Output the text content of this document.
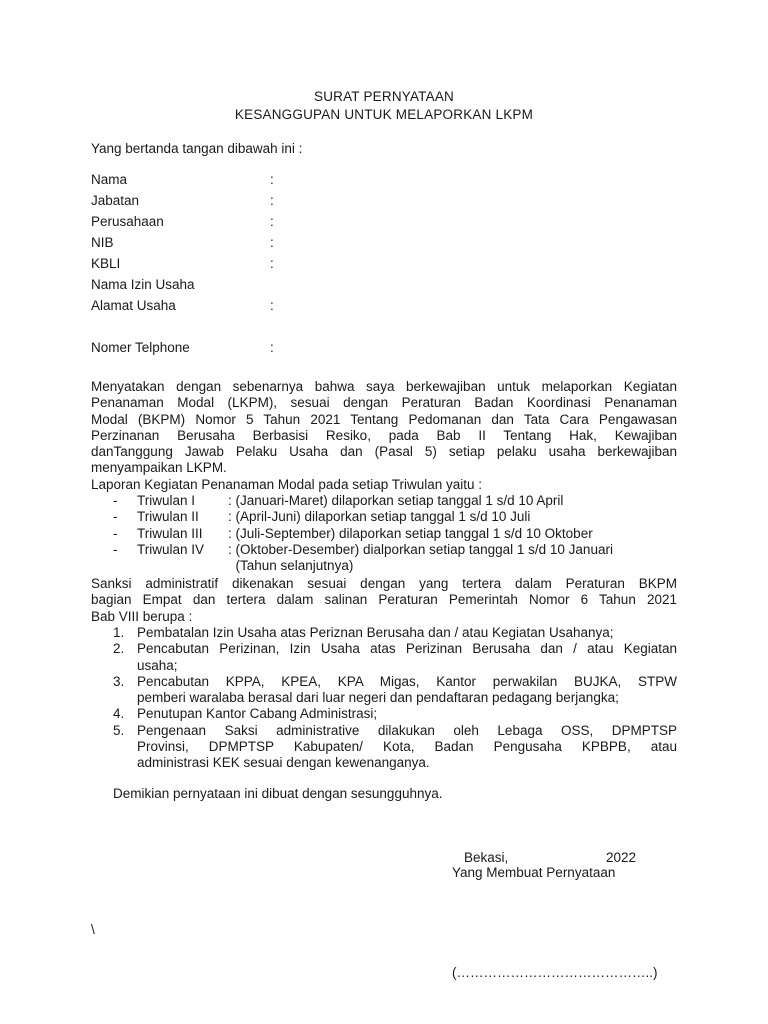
SURAT PERNYATAAN
KESANGGUPAN UNTUK MELAPORKAN LKPM
Yang bertanda tangan dibawah ini :
Nama	:
Jabatan	:
Perusahaan	:
NIB	:
KBLI	:
Nama Izin Usaha
Alamat Usaha	:
Nomer Telphone	:
Menyatakan dengan sebenarnya bahwa saya berkewajiban untuk melaporkan Kegiatan
Penanaman Modal (LKPM), sesuai dengan Peraturan Badan Koordinasi Penanaman
Modal (BKPM) Nomor 5 Tahun 2021 Tentang Pedomanan dan Tata Cara Pengawasan
Perzinanan Berusaha Berbasisi Resiko, pada Bab II Tentang Hak, Kewajiban
danTanggung Jawab Pelaku Usaha dan (Pasal 5) setiap pelaku usaha berkewajiban
menyampaikan LKPM.
Laporan Kegiatan Penanaman Modal pada setiap Triwulan yaitu :
- Triwulan I : (Januari-Maret) dilaporkan setiap tanggal 1 s/d 10 April
- Triwulan II : (April-Juni) dilaporkan setiap tanggal 1 s/d 10 Juli
- Triwulan III : (Juli-September) dilaporkan setiap tanggal 1 s/d 10 Oktober
- Triwulan IV : (Oktober-Desember) dialporkan setiap tanggal 1 s/d 10 Januari
(Tahun selanjutnya)
Sanksi administratif dikenakan sesuai dengan yang tertera dalam Peraturan BKPM
bagian Empat dan tertera dalam salinan Peraturan Pemerintah Nomor 6 Tahun 2021
Bab VIII berupa :
1. Pembatalan Izin Usaha atas Periznan Berusaha dan / atau Kegiatan Usahanya;
2. Pencabutan Perizinan, Izin Usaha atas Perizinan Berusaha dan / atau Kegiatan
usaha;
3. Pencabutan KPPA, KPEA, KPA Migas, Kantor perwakilan BUJKA, STPW
pemberi waralaba berasal dari luar negeri dan pendaftaran pedagang berjangka;
4. Penutupan Kantor Cabang Administrasi;
5. Pengenaan Saksi administrative dilakukan oleh Lebaga OSS, DPMPTSP
Provinsi, DPMPTSP Kabupaten/ Kota, Badan Pengusaha KPBPB, atau
administrasi KEK sesuai dengan kewenanganya.
Demikian pernyataan ini dibuat dengan sesungguhnya.
Bekasi,	2022
Yang Membuat Pernyataan
\
(……………………………………..)
